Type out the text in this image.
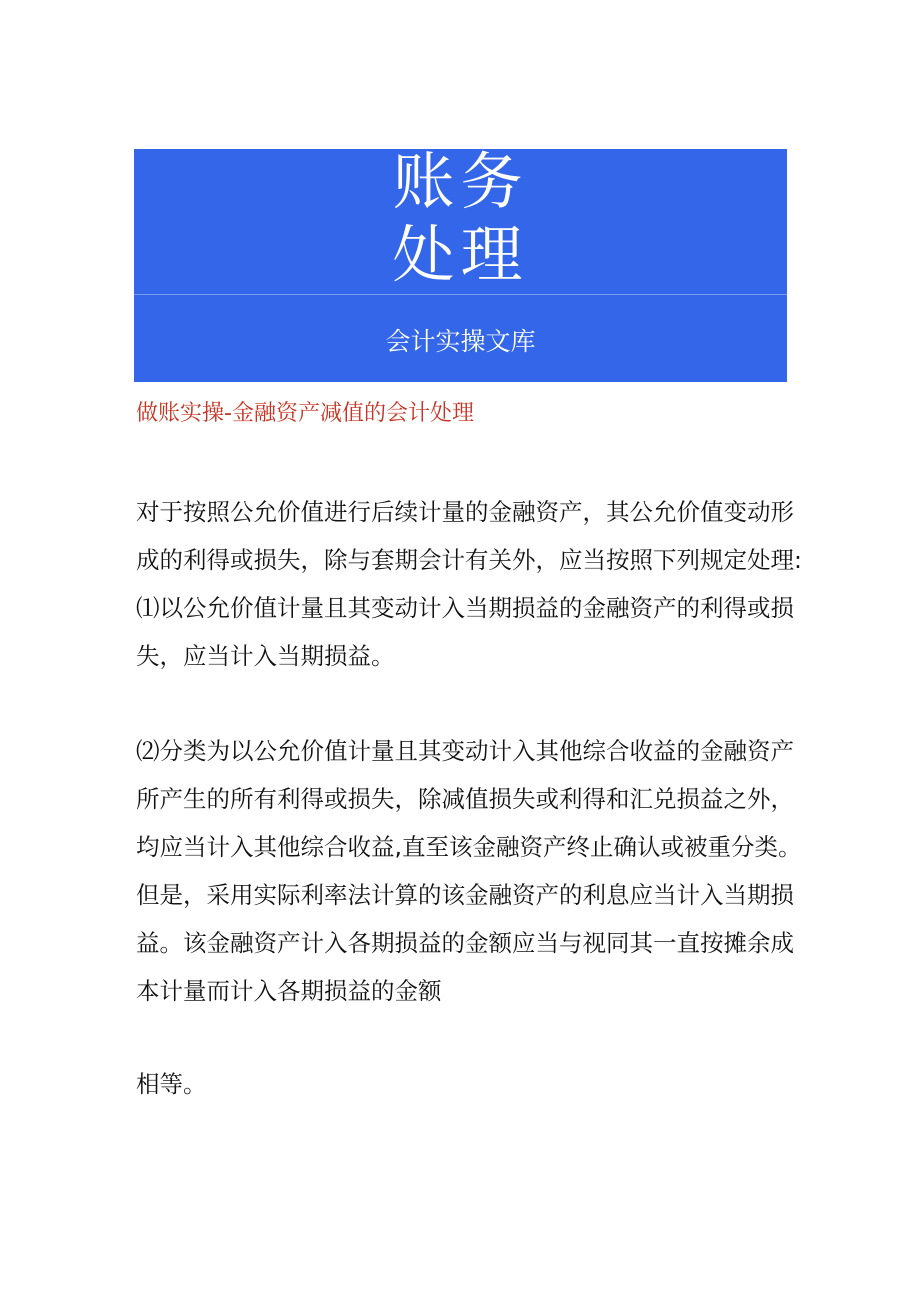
账务
处理
会计实操文库
做账实操-金融资产减值的会计处理
对于按照公允价值进行后续计量的金融资产，其公允价值变动形
成的利得或损失，除与套期会计有关外，应当按照下列规定处理:
⑴以公允价值计量且其变动计入当期损益的金融资产的利得或损
失，应当计入当期损益。
⑵分类为以公允价值计量且其变动计入其他综合收益的金融资产
所产生的所有利得或损失，除减值损失或利得和汇兑损益之外，
均应当计入其他综合收益,直至该金融资产终止确认或被重分类。
但是，采用实际利率法计算的该金融资产的利息应当计入当期损
益。该金融资产计入各期损益的金额应当与视同其一直按摊余成
本计量而计入各期损益的金额
相等。
